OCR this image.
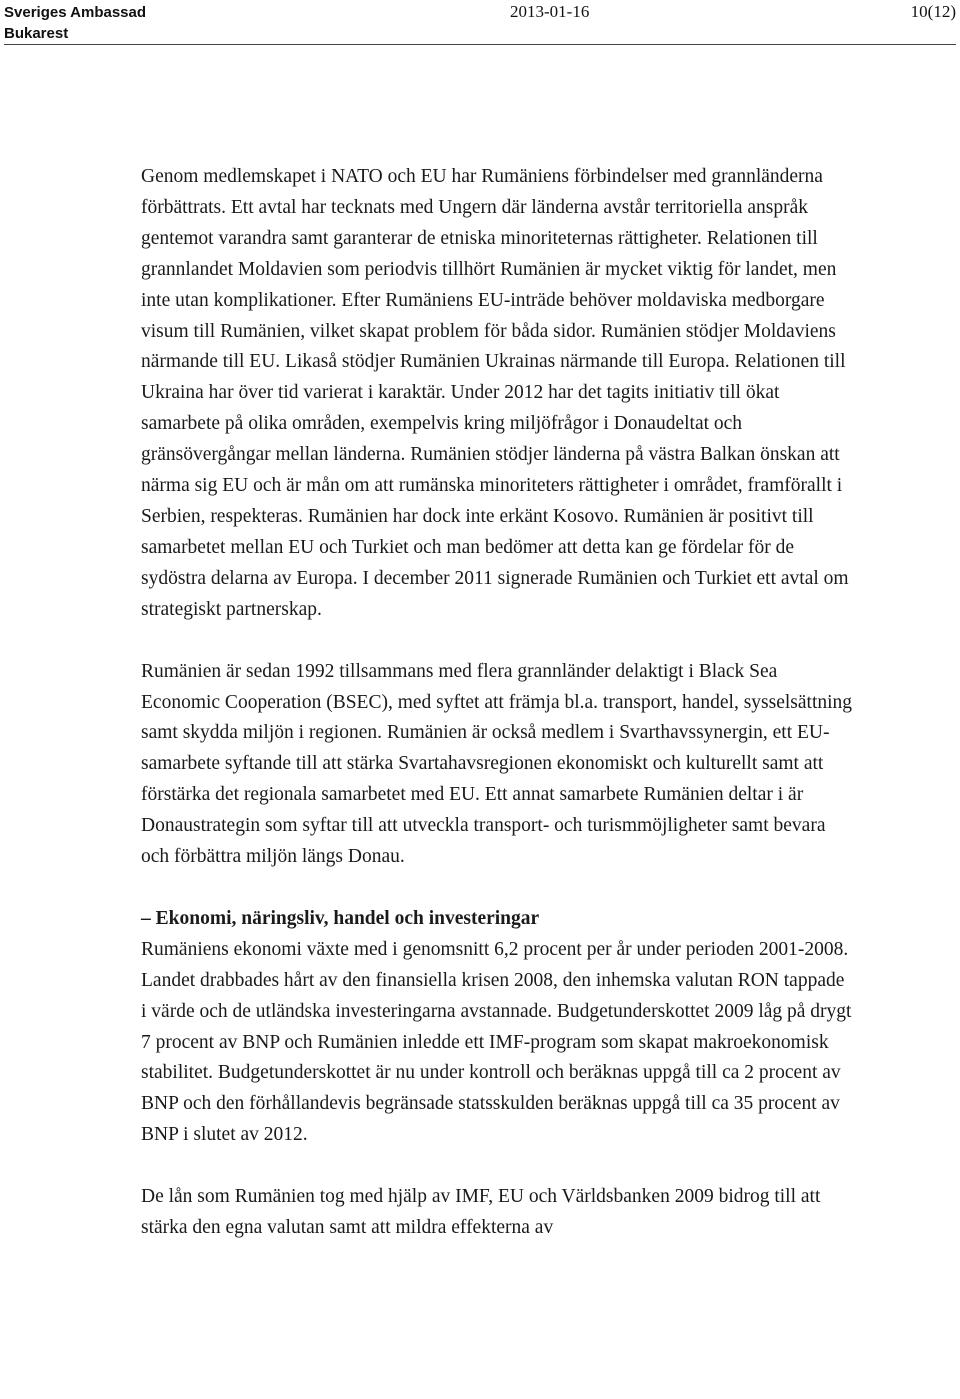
Sveriges Ambassad
Bukarest
2013-01-16	10(12)

Genom medlemskapet i NATO och EU har Rumäniens förbindelser med grannländerna förbättrats. Ett avtal har tecknats med Ungern där länderna avstår territoriella anspråk gentemot varandra samt garanterar de etniska minoriteternas rättigheter. Relationen till grannlandet Moldavien som periodvis tillhört Rumänien är mycket viktig för landet, men inte utan komplikationer. Efter Rumäniens EU-inträde behöver moldaviska medborgare visum till Rumänien, vilket skapat problem för båda sidor. Rumänien stödjer Moldaviens närmande till EU. Likaså stödjer Rumänien Ukrainas närmande till Europa. Relationen till Ukraina har över tid varierat i karaktär. Under 2012 har det tagits initiativ till ökat samarbete på olika områden, exempelvis kring miljöfrågor i Donaudeltat och gränsövergångar mellan länderna. Rumänien stödjer länderna på västra Balkan önskan att närma sig EU och är mån om att rumänska minoriteters rättigheter i området, framförallt i Serbien, respekteras. Rumänien har dock inte erkänt Kosovo. Rumänien är positivt till samarbetet mellan EU och Turkiet och man bedömer att detta kan ge fördelar för de sydöstra delarna av Europa. I december 2011 signerade Rumänien och Turkiet ett avtal om strategiskt partnerskap.

Rumänien är sedan 1992 tillsammans med flera grannländer delaktigt i Black Sea Economic Cooperation (BSEC), med syftet att främja bl.a. transport, handel, sysselsättning samt skydda miljön i regionen. Rumänien är också medlem i Svarthavssynergin, ett EU-samarbete syftande till att stärka Svartahavsregionen ekonomiskt och kulturellt samt att förstärka det regionala samarbetet med EU. Ett annat samarbete Rumänien deltar i är Donaustrategin som syftar till att utveckla transport- och turismmöjligheter samt bevara och förbättra miljön längs Donau.

– Ekonomi, näringsliv, handel och investeringar

Rumäniens ekonomi växte med i genomsnitt 6,2 procent per år under perioden 2001-2008. Landet drabbades hårt av den finansiella krisen 2008, den inhemska valutan RON tappade i värde och de utländska investeringarna avstannade. Budgetunderskottet 2009 låg på drygt 7 procent av BNP och Rumänien inledde ett IMF-program som skapat makroekonomisk stabilitet. Budgetunderskottet är nu under kontroll och beräknas uppgå till ca 2 procent av BNP och den förhållandevis begränsade statsskulden beräknas uppgå till ca 35 procent av BNP i slutet av 2012.

De lån som Rumänien tog med hjälp av IMF, EU och Världsbanken 2009 bidrog till att stärka den egna valutan samt att mildra effekterna av
